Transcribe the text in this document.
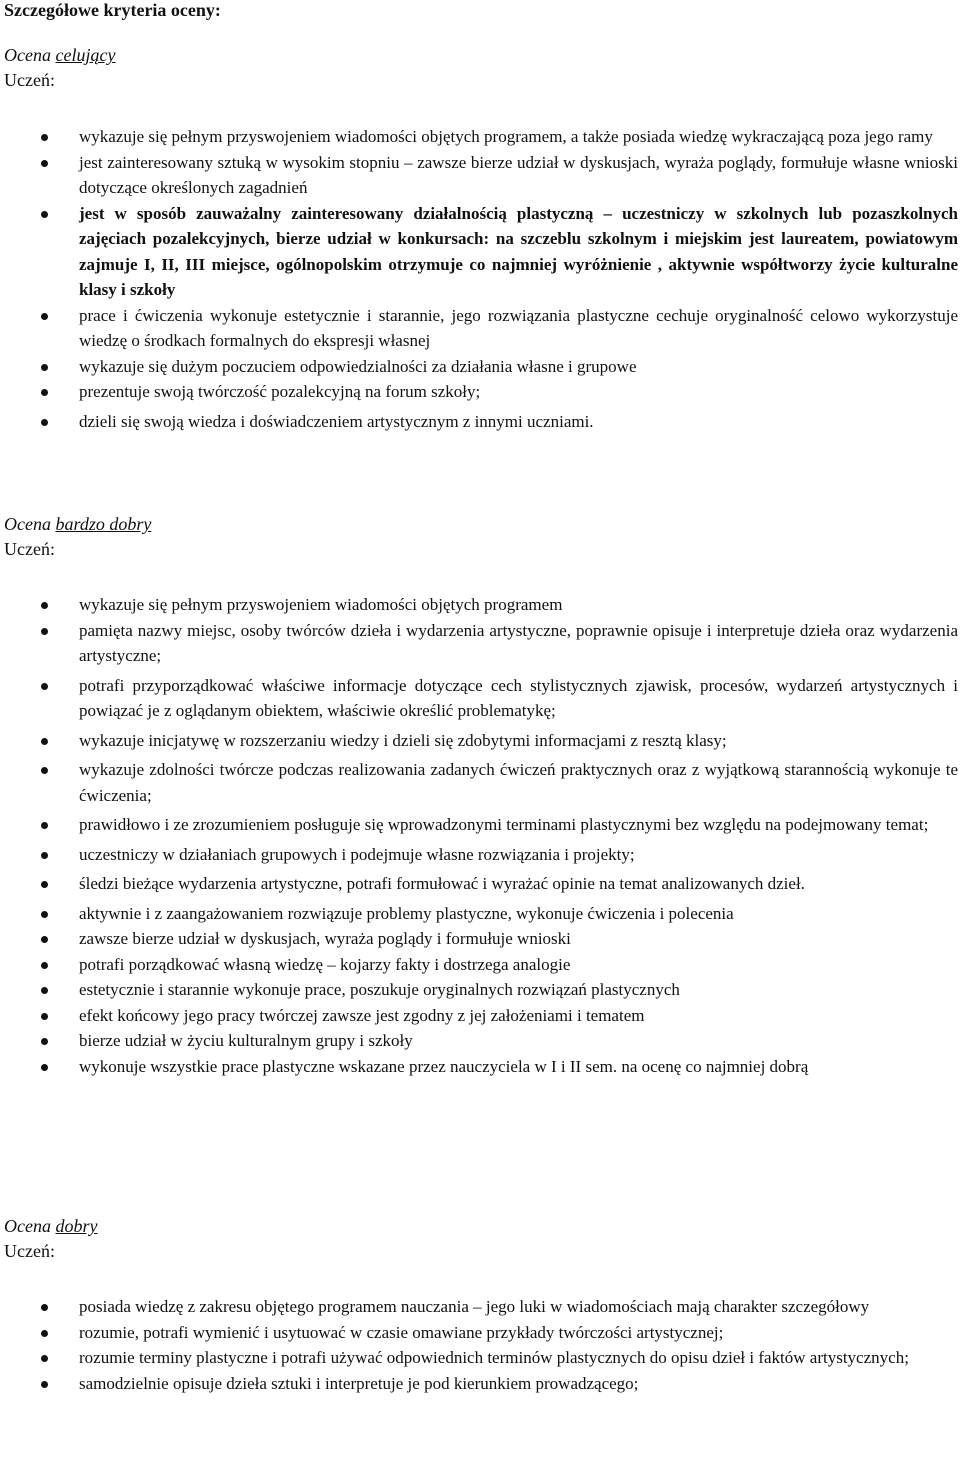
Szczegółowe kryteria oceny:
Ocena celujący
Uczeń:
wykazuje się pełnym przyswojeniem wiadomości objętych programem, a także posiada wiedzę wykraczającą poza jego ramy
jest zainteresowany sztuką w wysokim stopniu – zawsze bierze udział w dyskusjach, wyraża poglądy, formułuje własne wnioski dotyczące określonych zagadnień
jest w sposób zauważalny zainteresowany działalnością plastyczną – uczestniczy w szkolnych lub pozaszkolnych zajęciach pozalekcyjnych, bierze udział w konkursach: na szczeblu szkolnym i miejskim jest laureatem, powiatowym zajmuje I, II, III miejsce, ogólnopolskim otrzymuje co najmniej wyróżnienie , aktywnie współtworzy życie kulturalne klasy i szkoły
prace i ćwiczenia wykonuje estetycznie i starannie, jego rozwiązania plastyczne cechuje oryginalność celowo wykorzystuje wiedzę o środkach formalnych do ekspresji własnej
wykazuje się dużym poczuciem odpowiedzialności za działania własne i grupowe
prezentuje swoją twórczość pozalekcyjną na forum szkoły;
dzieli się swoją wiedza i doświadczeniem artystycznym z innymi uczniami.
Ocena bardzo dobry
Uczeń:
wykazuje się pełnym przyswojeniem wiadomości objętych programem
pamięta nazwy miejsc, osoby twórców dzieła i wydarzenia artystyczne, poprawnie opisuje i interpretuje dzieła oraz wydarzenia artystyczne;
potrafi przyporządkować właściwe informacje dotyczące cech stylistycznych zjawisk, procesów, wydarzeń artystycznych i powiązać je z oglądanym obiektem, właściwie określić problematykę;
wykazuje inicjatywę w rozszerzaniu wiedzy i dzieli się zdobytymi informacjami z resztą klasy;
wykazuje zdolności twórcze podczas realizowania zadanych ćwiczeń praktycznych oraz z wyjątkową starannością wykonuje te ćwiczenia;
prawidłowo i ze zrozumieniem posługuje się wprowadzonymi terminami plastycznymi bez względu na podejmowany temat;
uczestniczy w działaniach grupowych i podejmuje własne rozwiązania i projekty;
śledzi bieżące wydarzenia artystyczne, potrafi formułować i wyrażać opinie na temat analizowanych dzieł.
aktywnie i z zaangażowaniem rozwiązuje problemy plastyczne, wykonuje ćwiczenia i polecenia
zawsze bierze udział w dyskusjach, wyraża poglądy i formułuje wnioski
potrafi porządkować własną wiedzę – kojarzy fakty i dostrzega analogie
estetycznie i starannie wykonuje prace, poszukuje oryginalnych rozwiązań plastycznych
efekt końcowy jego pracy twórczej zawsze jest zgodny z jej założeniami i tematem
bierze udział w życiu kulturalnym grupy i szkoły
wykonuje wszystkie prace plastyczne wskazane przez nauczyciela w I i II sem. na ocenę co najmniej dobrą
Ocena dobry
Uczeń:
posiada wiedzę z zakresu objętego programem nauczania – jego luki w wiadomościach mają charakter szczegółowy
rozumie, potrafi wymienić i usytuować w czasie omawiane przykłady twórczości artystycznej;
rozumie terminy plastyczne i potrafi używać odpowiednich terminów plastycznych do opisu dzieł i faktów artystycznych;
samodzielnie opisuje dzieła sztuki i interpretuje je pod kierunkiem prowadzącego;
